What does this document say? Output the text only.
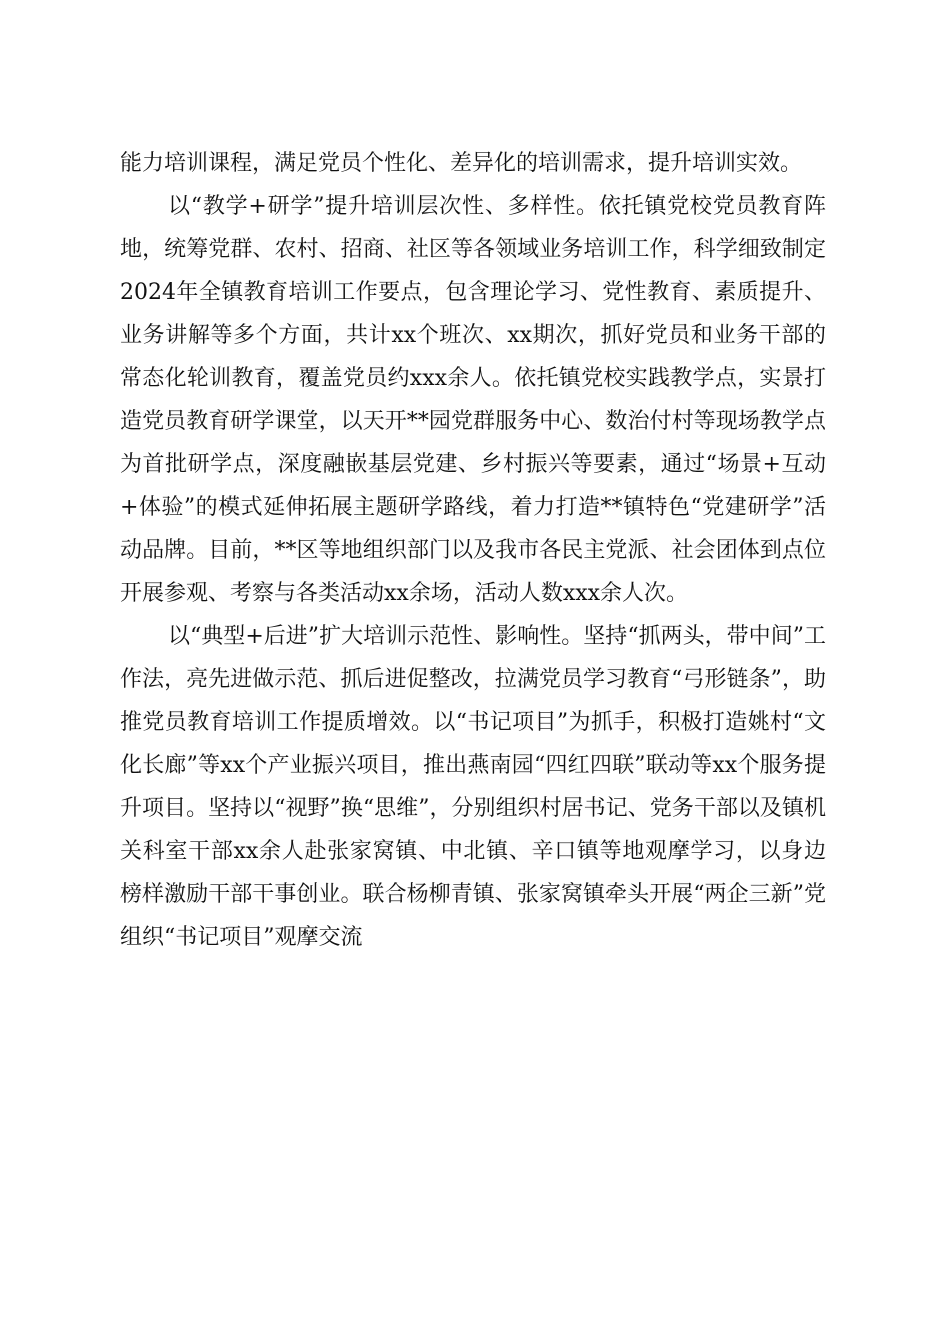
能力培训课程，满足党员个性化、差异化的培训需求，提升培训实效。

以“教学+研学”提升培训层次性、多样性。依托镇党校党员教育阵地，统筹党群、农村、招商、社区等各领域业务培训工作，科学细致制定2024年全镇教育培训工作要点，包含理论学习、党性教育、素质提升、业务讲解等多个方面，共计xx个班次、xx期次，抓好党员和业务干部的常态化轮训教育，覆盖党员约xxx余人。依托镇党校实践教学点，实景打造党员教育研学课堂，以天开**园党群服务中心、数治付村等现场教学点为首批研学点，深度融嵌基层党建、乡村振兴等要素，通过“场景+互动+体验”的模式延伸拓展主题研学路线，着力打造**镇特色“党建研学”活动品牌。目前，**区等地组织部门以及我市各民主党派、社会团体到点位开展参观、考察与各类活动xx余场，活动人数xxx余人次。

以“典型+后进”扩大培训示范性、影响性。坚持“抓两头，带中间”工作法，亮先进做示范、抓后进促整改，拉满党员学习教育“弓形链条”，助推党员教育培训工作提质增效。以“书记项目”为抓手，积极打造姚村“文化长廊”等xx个产业振兴项目，推出燕南园“四红四联”联动等xx个服务提升项目。坚持以“视野”换“思维”，分别组织村居书记、党务干部以及镇机关科室干部xx余人赴张家窝镇、中北镇、辛口镇等地观摩学习，以身边榜样激励干部干事创业。联合杨柳青镇、张家窝镇牵头开展“两企三新”党组织“书记项目”观摩交流
